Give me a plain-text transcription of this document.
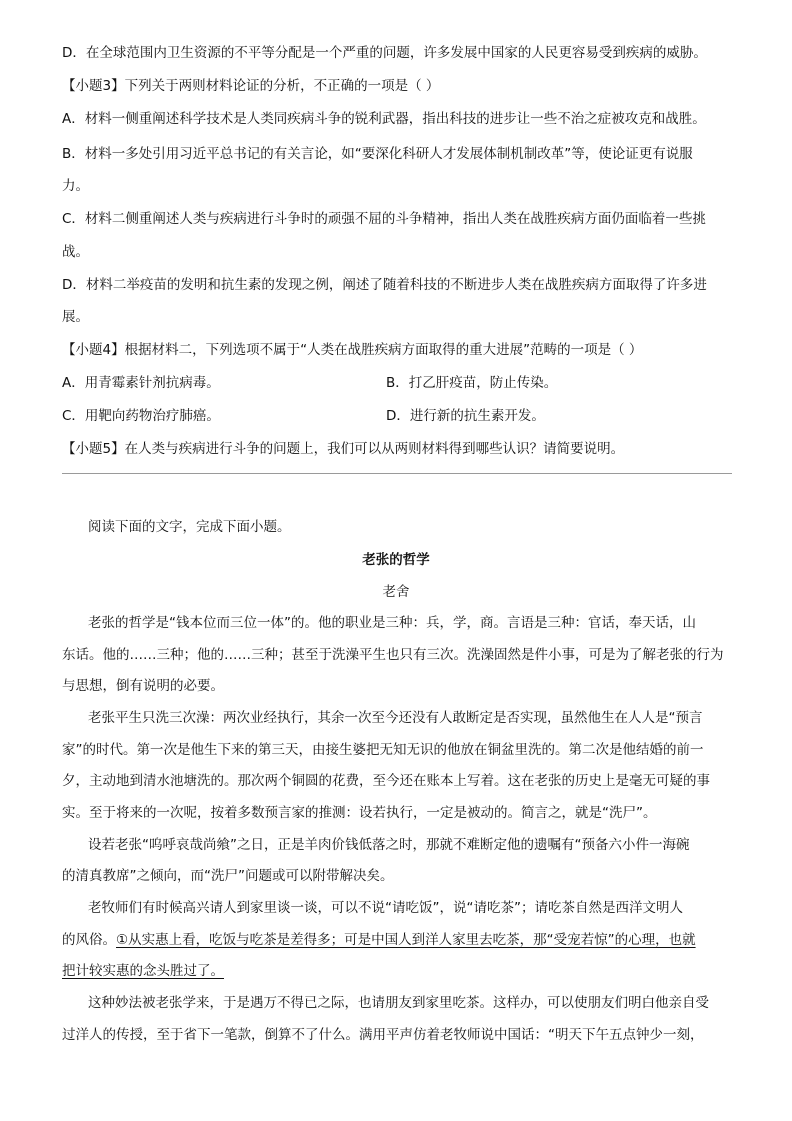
D．在全球范围内卫生资源的不平等分配是一个严重的问题，许多发展中国家的人民更容易受到疾病的威胁。
【小题3】下列关于两则材料论证的分析，不正确的一项是（ ）
A．材料一侧重阐述科学技术是人类同疾病斗争的锐利武器，指出科技的进步让一些不治之症被攻克和战胜。
B．材料一多处引用习近平总书记的有关言论，如“要深化科研人才发展体制机制改革”等，使论证更有说服
力。
C．材料二侧重阐述人类与疾病进行斗争时的顽强不屈的斗争精神，指出人类在战胜疾病方面仍面临着一些挑
战。
D．材料二举疫苗的发明和抗生素的发现之例，阐述了随着科技的不断进步人类在战胜疾病方面取得了许多进
展。
【小题4】根据材料二，下列选项不属于“人类在战胜疾病方面取得的重大进展”范畴的一项是（ ）
A．用青霉素针剂抗病毒。	B．打乙肝疫苗，防止传染。
C．用靶向药物治疗肺癌。	D．进行新的抗生素开发。
【小题5】在人类与疾病进行斗争的问题上，我们可以从两则材料得到哪些认识？请简要说明。
阅读下面的文字，完成下面小题。
老张的哲学
老舍
老张的哲学是“钱本位而三位一体”的。他的职业是三种：兵，学，商。言语是三种：官话，奉天话，山
东话。他的……三种；他的……三种；甚至于洗澡平生也只有三次。洗澡固然是件小事，可是为了解老张的行为
与思想，倒有说明的必要。
老张平生只洗三次澡：两次业经执行，其余一次至今还没有人敢断定是否实现，虽然他生在人人是“预言
家”的时代。第一次是他生下来的第三天，由接生婆把无知无识的他放在铜盆里洗的。第二次是他结婚的前一
夕，主动地到清水池塘洗的。那次两个铜圆的花费，至今还在账本上写着。这在老张的历史上是毫无可疑的事
实。至于将来的一次呢，按着多数预言家的推测：设若执行，一定是被动的。简言之，就是“洗尸”。
设若老张“呜呼哀哉尚飨”之日，正是羊肉价钱低落之时，那就不难断定他的遗嘱有“预备六小件一海碗
的清真教席”之倾向，而“洗尸”问题或可以附带解决矣。
老牧师们有时候高兴请人到家里谈一谈，可以不说“请吃饭”，说“请吃茶”；请吃茶自然是西洋文明人
的风俗。①从实惠上看，吃饭与吃茶是差得多；可是中国人到洋人家里去吃茶，那“受宠若惊”的心理，也就
把计较实惠的念头胜过了。
这种妙法被老张学来，于是遇万不得已之际，也请朋友到家里吃茶。这样办，可以使朋友们明白他亲自受
过洋人的传授，至于省下一笔款，倒算不了什么。满用平声仿着老牧师说中国话：“明天下午五点钟少一刻，
